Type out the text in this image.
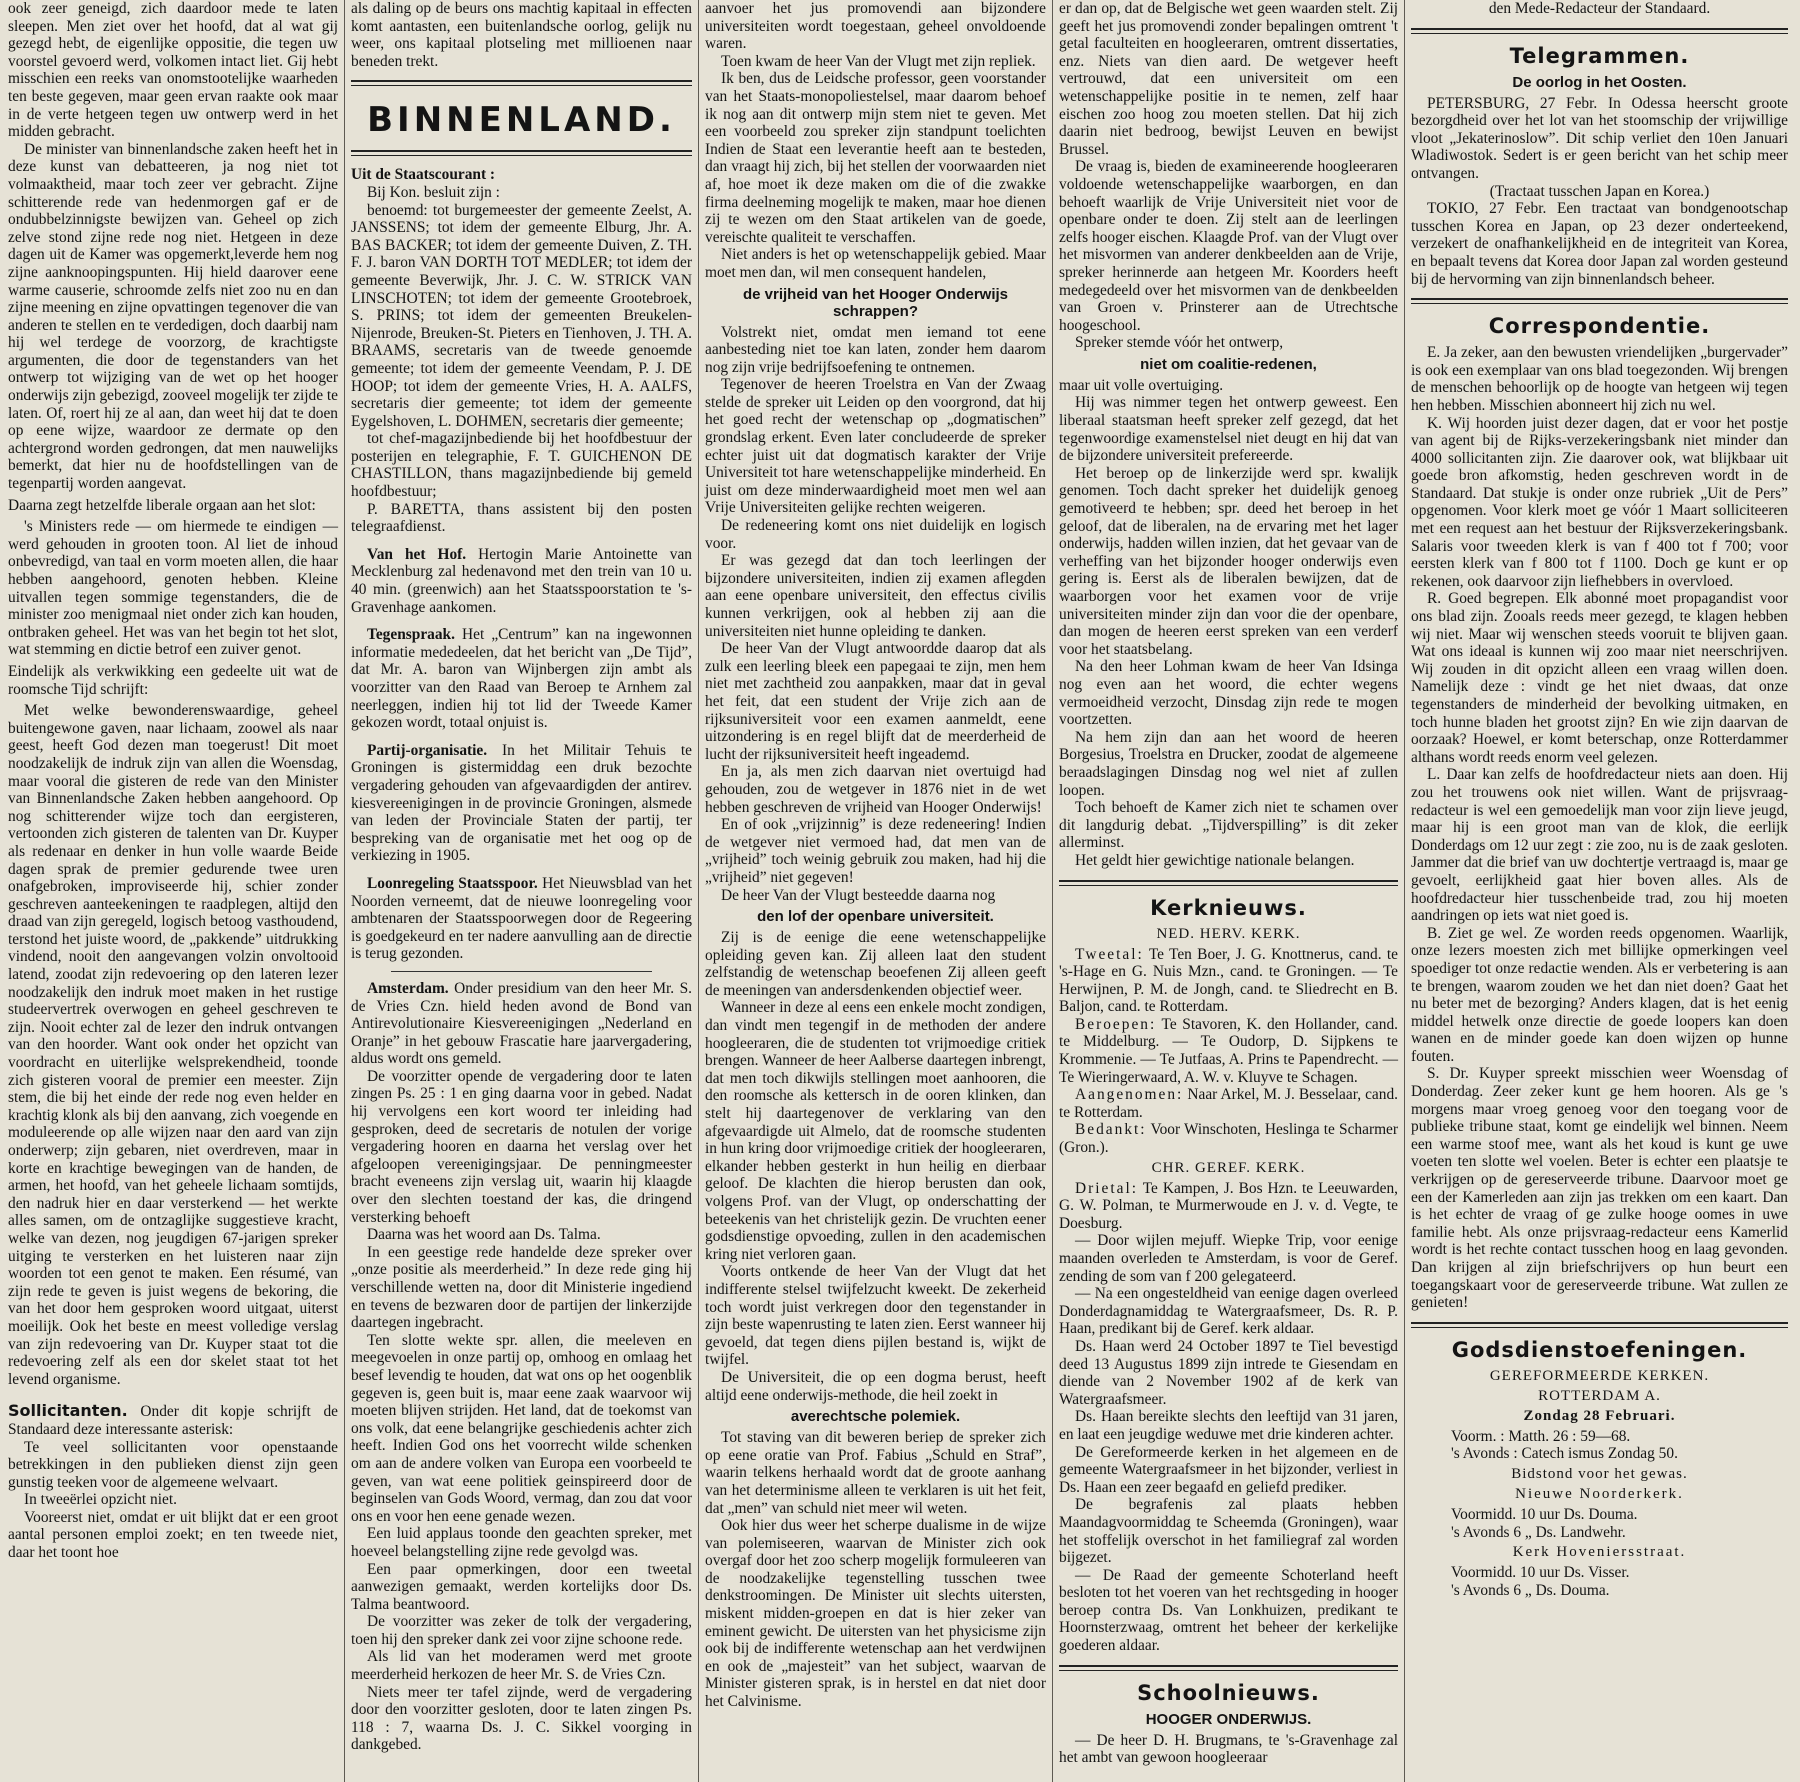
ook zeer geneigd, zich daardoor mede te laten sleepen. Men ziet over het hoofd, dat al wat gij gezegd hebt, de eigenlijke oppositie, die tegen uw voorstel gevoerd werd, volkomen intact liet. Gij hebt misschien een reeks van onomstootelijke waarheden ten beste gegeven, maar geen ervan raakte ook maar in de verte hetgeen tegen uw ontwerp werd in het midden gebracht.

De minister van binnenlandsche zaken heeft het in deze kunst van debatteeren, ja nog niet tot volmaaktheid, maar toch zeer ver gebracht. Zijne schitterende rede van hedenmorgen gaf er de ondubbelzinnigste bewijzen van. Geheel op zich zelve stond zijne rede nog niet. Hetgeen in deze dagen uit de Kamer was opgemerkt,leverde hem nog zijne aanknoopingspunten. Hij hield daarover eene warme causerie, schroomde zelfs niet zoo nu en dan zijne meening en zijne opvattingen tegenover die van anderen te stellen en te verdedigen, doch daarbij nam hij wel terdege de voorzorg, de krachtigste argumenten, die door de tegenstanders van het ontwerp tot wijziging van de wet op het hooger onderwijs zijn gebezigd, zooveel mogelijk ter zijde te laten. Of, roert hij ze al aan, dan weet hij dat te doen op eene wijze, waardoor ze dermate op den achtergrond worden gedrongen, dat men nauwelijks bemerkt, dat hier nu de hoofdstellingen van de tegenpartij worden aangevat.

Daarna zegt hetzelfde liberale orgaan aan het slot:

's Ministers rede — om hiermede te eindigen — werd gehouden in grooten toon. Al liet de inhoud onbevredigd, van taal en vorm moeten allen, die haar hebben aangehoord, genoten hebben. Kleine uitvallen tegen sommige tegenstanders, die de minister zoo menigmaal niet onder zich kan houden, ontbraken geheel. Het was van het begin tot het slot, wat stemming en dictie betrof een zuiver genot.

Eindelijk als verkwikking een gedeelte uit wat de roomsche Tijd schrijft:

Met welke bewonderenswaardige, geheel buitengewone gaven, naar lichaam, zoowel als naar geest, heeft God dezen man toegerust! Dit moet noodzakelijk de indruk zijn van allen die Woensdag, maar vooral die gisteren de rede van den Minister van Binnenlandsche Zaken hebben aangehoord. Op nog schitterender wijze toch dan eergisteren, vertoonden zich gisteren de talenten van Dr. Kuyper als redenaar en denker in hun volle waarde Beide dagen sprak de premier gedurende twee uren onafgebroken, improviseerde hij, schier zonder geschreven aanteekeningen te raadplegen, altijd den draad van zijn geregeld, logisch betoog vasthoudend, terstond het juiste woord, de „pakkende” uitdrukking vindend, nooit den aangevangen volzin onvoltooid latend, zoodat zijn redevoering op den lateren lezer noodzakelijk den indruk moet maken in het rustige studeervertrek overwogen en geheel geschreven te zijn. Nooit echter zal de lezer den indruk ontvangen van den hoorder. Want ook onder het opzicht van voordracht en uiterlijke welsprekendheid, toonde zich gisteren vooral de premier een meester. Zijn stem, die bij het einde der rede nog even helder en krachtig klonk als bij den aanvang, zich voegende en moduleerende op alle wijzen naar den aard van zijn onderwerp; zijn gebaren, niet overdreven, maar in korte en krachtige bewegingen van de handen, de armen, het hoofd, van het geheele lichaam somtijds, den nadruk hier en daar versterkend — het werkte alles samen, om de ontzaglijke suggestieve kracht, welke van dezen, nog jeugdigen 67-jarigen spreker uitging te versterken en het luisteren naar zijn woorden tot een genot te maken. Een résumé, van zijn rede te geven is juist wegens de bekoring, die van het door hem gesproken woord uitgaat, uiterst moeilijk. Ook het beste en meest volledige verslag van zijn redevoering van Dr. Kuyper staat tot die redevoering zelf als een dor skelet staat tot het levend organisme.

Sollicitanten. Onder dit kopje schrijft de Standaard deze interessante asterisk:

Te veel sollicitanten voor openstaande betrekkingen in den publieken dienst zijn geen gunstig teeken voor de algemeene welvaart.

In tweeërlei opzicht niet.

Vooreerst niet, omdat er uit blijkt dat er een groot aantal personen emploi zoekt; en ten tweede niet, daar het toont hoe

als daling op de beurs ons machtig kapitaal in effecten komt aantasten, een buitenlandsche oorlog, gelijk nu weer, ons kapitaal plotseling met millioenen naar beneden trekt.

BINNENLAND.

Uit de Staatscourant :

Bij Kon. besluit zijn :

benoemd: tot burgemeester der gemeente Zeelst, A. JANSSENS; tot idem der gemeente Elburg, Jhr. A. BAS BACKER; tot idem der gemeente Duiven, Z. TH. F. J. baron VAN DORTH TOT MEDLER; tot idem der gemeente Beverwijk, Jhr. J. C. W. STRICK VAN LINSCHOTEN; tot idem der gemeente Grootebroek, S. PRINS; tot idem der gemeenten Breukelen-Nijenrode, Breuken-St. Pieters en Tienhoven, J. TH. A. BRAAMS, secretaris van de tweede genoemde gemeente; tot idem der gemeente Veendam, P. J. DE HOOP; tot idem der gemeente Vries, H. A. AALFS, secretaris dier gemeente; tot idem der gemeente Eygelshoven, L. DOHMEN, secretaris dier gemeente;

tot chef-magazijnbediende bij het hoofdbestuur der posterijen en telegraphie, F. T. GUICHENON DE CHASTILLON, thans magazijnbediende bij gemeld hoofdbestuur;

P. BARETTA, thans assistent bij den posten telegraafdienst.

Van het Hof. Hertogin Marie Antoinette van Mecklenburg zal hedenavond met den trein van 10 u. 40 min. (greenwich) aan het Staatsspoorstation te 's-Gravenhage aankomen.

Tegenspraak. Het „Centrum” kan na ingewonnen informatie mededeelen, dat het bericht van „De Tijd”, dat Mr. A. baron van Wijnbergen zijn ambt als voorzitter van den Raad van Beroep te Arnhem zal neerleggen, indien hij tot lid der Tweede Kamer gekozen wordt, totaal onjuist is.

Partij-organisatie. In het Militair Tehuis te Groningen is gistermiddag een druk bezochte vergadering gehouden van afgevaardigden der antirev. kiesvereenigingen in de provincie Groningen, alsmede van leden der Provinciale Staten der partij, ter bespreking van de organisatie met het oog op de verkiezing in 1905.

Loonregeling Staatsspoor. Het Nieuwsblad van het Noorden verneemt, dat de nieuwe loonregeling voor ambtenaren der Staatsspoorwegen door de Regeering is goedgekeurd en ter nadere aanvulling aan de directie is terug gezonden.

Amsterdam. Onder presidium van den heer Mr. S. de Vries Czn. hield heden avond de Bond van Antirevolutionaire Kiesvereenigingen „Nederland en Oranje” in het gebouw Frascatie hare jaarvergadering, aldus wordt ons gemeld.

De voorzitter opende de vergadering door te laten zingen Ps. 25 : 1 en ging daarna voor in gebed. Nadat hij vervolgens een kort woord ter inleiding had gesproken, deed de secretaris de notulen der vorige vergadering hooren en daarna het verslag over het afgeloopen vereenigingsjaar. De penningmeester bracht eveneens zijn verslag uit, waarin hij klaagde over den slechten toestand der kas, die dringend versterking behoeft

Daarna was het woord aan Ds. Talma.

In een geestige rede handelde deze spreker over „onze positie als meerderheid.” In deze rede ging hij verschillende wetten na, door dit Ministerie ingediend en tevens de bezwaren door de partijen der linkerzijde daartegen ingebracht.

Ten slotte wekte spr. allen, die meeleven en meegevoelen in onze partij op, omhoog en omlaag het besef levendig te houden, dat wat ons op het oogenblik gegeven is, geen buit is, maar eene zaak waarvoor wij moeten blijven strijden. Het land, dat de toekomst van ons volk, dat eene belangrijke geschiedenis achter zich heeft. Indien God ons het voorrecht wilde schenken om aan de andere volken van Europa een voorbeeld te geven, van wat eene politiek geinspireerd door de beginselen van Gods Woord, vermag, dan zou dat voor ons en voor hen eene genade wezen.

Een luid applaus toonde den geachten spreker, met hoeveel belangstelling zijne rede gevolgd was.

Een paar opmerkingen, door een tweetal aanwezigen gemaakt, werden kortelijks door Ds. Talma beantwoord.

De voorzitter was zeker de tolk der vergadering, toen hij den spreker dank zei voor zijne schoone rede.

Als lid van het moderamen werd met groote meerderheid herkozen de heer Mr. S. de Vries Czn.

Niets meer ter tafel zijnde, werd de vergadering door den voorzitter gesloten, door te laten zingen Ps. 118 : 7, waarna Ds. J. C. Sikkel voorging in dankgebed.

aanvoer het jus promovendi aan bijzondere universiteiten wordt toegestaan, geheel onvoldoende waren.

Toen kwam de heer Van der Vlugt met zijn repliek.

Ik ben, dus de Leidsche professor, geen voorstander van het Staats-monopoliestelsel, maar daarom behoef ik nog aan dit ontwerp mijn stem niet te geven. Met een voorbeeld zou spreker zijn standpunt toelichten Indien de Staat een leverantie heeft aan te besteden, dan vraagt hij zich, bij het stellen der voorwaarden niet af, hoe moet ik deze maken om die of die zwakke firma deelneming mogelijk te maken, maar hoe dienen zij te wezen om den Staat artikelen van de goede, vereischte qualiteit te verschaffen.

Niet anders is het op wetenschappelijk gebied. Maar moet men dan, wil men consequent handelen,

de vrijheid van het Hooger Onderwijs schrappen?

Volstrekt niet, omdat men iemand tot eene aanbesteding niet toe kan laten, zonder hem daarom nog zijn vrije bedrijfsoefening te ontnemen.

Tegenover de heeren Troelstra en Van der Zwaag stelde de spreker uit Leiden op den voorgrond, dat hij het goed recht der wetenschap op „dogmatischen” grondslag erkent. Even later concludeerde de spreker echter juist uit dat dogmatisch karakter der Vrije Universiteit tot hare wetenschappelijke minderheid. En juist om deze minderwaardigheid moet men wel aan Vrije Universiteiten gelijke rechten weigeren.

De redeneering komt ons niet duidelijk en logisch voor.

Er was gezegd dat dan toch leerlingen der bijzondere universiteiten, indien zij examen aflegden aan eene openbare universiteit, den effectus civilis kunnen verkrijgen, ook al hebben zij aan die universiteiten niet hunne opleiding te danken.

De heer Van der Vlugt antwoordde daarop dat als zulk een leerling bleek een papegaai te zijn, men hem niet met zachtheid zou aanpakken, maar dat in geval het feit, dat een student der Vrije zich aan de rijksuniversiteit voor een examen aanmeldt, eene uitzondering is en regel blijft dat de meerderheid de lucht der rijksuniversiteit heeft ingeademd.

En ja, als men zich daarvan niet overtuigd had gehouden, zou de wetgever in 1876 niet in de wet hebben geschreven de vrijheid van Hooger Onderwijs!

En of ook „vrijzinnig” is deze redeneering! Indien de wetgever niet vermoed had, dat men van de „vrijheid” toch weinig gebruik zou maken, had hij die „vrijheid” niet gegeven!

De heer Van der Vlugt besteedde daarna nog

den lof der openbare universiteit.

Zij is de eenige die eene wetenschappelijke opleiding geven kan. Zij alleen laat den student zelfstandig de wetenschap beoefenen Zij alleen geeft de meeningen van andersdenkenden objectief weer.

Wanneer in deze al eens een enkele mocht zondigen, dan vindt men tegengif in de methoden der andere hoogleeraren, die de studenten tot vrijmoedige critiek brengen. Wanneer de heer Aalberse daartegen inbrengt, dat men toch dikwijls stellingen moet aanhooren, die den roomsche als kettersch in de ooren klinken, dan stelt hij daartegenover de verklaring van den afgevaardigde uit Almelo, dat de roomsche studenten in hun kring door vrijmoedige critiek der hoogleeraren, elkander hebben gesterkt in hun heilig en dierbaar geloof. De klachten die hierop berusten dan ook, volgens Prof. van der Vlugt, op onderschatting der beteekenis van het christelijk gezin. De vruchten eener godsdienstige opvoeding, zullen in den academischen kring niet verloren gaan.

Voorts ontkende de heer Van der Vlugt dat het indifferente stelsel twijfelzucht kweekt. De zekerheid toch wordt juist verkregen door den tegenstander in zijn beste wapenrusting te laten zien. Eerst wanneer hij gevoeld, dat tegen diens pijlen bestand is, wijkt de twijfel.

De Universiteit, die op een dogma berust, heeft altijd eene onderwijs-methode, die heil zoekt in

averechtsche polemiek.

Tot staving van dit beweren beriep de spreker zich op eene oratie van Prof. Fabius „Schuld en Straf”, waarin telkens herhaald wordt dat de groote aanhang van het determinisme alleen te verklaren is uit het feit, dat „men” van schuld niet meer wil weten.

Ook hier dus weer het scherpe dualisme in de wijze van polemiseeren, waarvan de Minister zich ook overgaf door het zoo scherp mogelijk formuleeren van de noodzakelijke tegenstelling tusschen twee denkstroomingen. De Minister uit slechts uitersten, miskent midden-groepen en dat is hier zeker van eminent gewicht. De uitersten van het physicisme zijn ook bij de indifferente wetenschap aan het verdwijnen en ook de „majesteit” van het subject, waarvan de Minister gisteren sprak, is in herstel en dat niet door het Calvinisme.

er dan op, dat de Belgische wet geen waarden stelt. Zij geeft het jus promovendi zonder bepalingen omtrent 't getal faculteiten en hoogleeraren, omtrent dissertaties, enz. Niets van dien aard. De wetgever heeft vertrouwd, dat een universiteit om een wetenschappelijke positie in te nemen, zelf haar eischen zoo hoog zou moeten stellen. Dat hij zich daarin niet bedroog, bewijst Leuven en bewijst Brussel.

De vraag is, bieden de examineerende hoogleeraren voldoende wetenschappelijke waarborgen, en dan behoeft waarlijk de Vrije Universiteit niet voor de openbare onder te doen. Zij stelt aan de leerlingen zelfs hooger eischen. Klaagde Prof. van der Vlugt over het misvormen van anderer denkbeelden aan de Vrije, spreker herinnerde aan hetgeen Mr. Koorders heeft medegedeeld over het misvormen van de denkbeelden van Groen v. Prinsterer aan de Utrechtsche hoogeschool.

Spreker stemde vóór het ontwerp,

niet om coalitie-redenen,

maar uit volle overtuiging.

Hij was nimmer tegen het ontwerp geweest. Een liberaal staatsman heeft spreker zelf gezegd, dat het tegenwoordige examenstelsel niet deugt en hij dat van de bijzondere universiteit prefereerde.

Het beroep op de linkerzijde werd spr. kwalijk genomen. Toch dacht spreker het duidelijk genoeg gemotiveerd te hebben; spr. deed het beroep in het geloof, dat de liberalen, na de ervaring met het lager onderwijs, hadden willen inzien, dat het gevaar van de verheffing van het bijzonder hooger onderwijs even gering is. Eerst als de liberalen bewijzen, dat de waarborgen voor het examen voor de vrije universiteiten minder zijn dan voor die der openbare, dan mogen de heeren eerst spreken van een verderf voor het staatsbelang.

Na den heer Lohman kwam de heer Van Idsinga nog even aan het woord, die echter wegens vermoeidheid verzocht, Dinsdag zijn rede te mogen voortzetten.

Na hem zijn dan aan het woord de heeren Borgesius, Troelstra en Drucker, zoodat de algemeene beraadslagingen Dinsdag nog wel niet af zullen loopen.

Toch behoeft de Kamer zich niet te schamen over dit langdurig debat. „Tijdverspilling” is dit zeker allerminst.

Het geldt hier gewichtige nationale belangen.

Kerknieuws.
NED. HERV. KERK.

Tweetal: Te Ten Boer, J. G. Knottnerus, cand. te 's-Hage en G. Nuis Mzn., cand. te Groningen. — Te Herwijnen, P. M. de Jongh, cand. te Sliedrecht en B. Baljon, cand. te Rotterdam.

Beroepen: Te Stavoren, K. den Hollander, cand. te Middelburg. — Te Oudorp, D. Sijpkens te Krommenie. — Te Jutfaas, A. Prins te Papendrecht. — Te Wieringerwaard, A. W. v. Kluyve te Schagen.

Aangenomen: Naar Arkel, M. J. Besselaar, cand. te Rotterdam.

Bedankt: Voor Winschoten, Heslinga te Scharmer (Gron.).

CHR. GEREF. KERK.

Drietal: Te Kampen, J. Bos Hzn. te Leeuwarden, G. W. Polman, te Murmerwoude en J. v. d. Vegte, te Doesburg.

— Door wijlen mejuff. Wiepke Trip, voor eenige maanden overleden te Amsterdam, is voor de Geref. zending de som van f 200 gelegateerd.

— Na een ongesteldheid van eenige dagen overleed Donderdagnamiddag te Watergraafsmeer, Ds. R. P. Haan, predikant bij de Geref. kerk aldaar.

Ds. Haan werd 24 October 1897 te Tiel bevestigd deed 13 Augustus 1899 zijn intrede te Giesendam en diende van 2 November 1902 af de kerk van Watergraafsmeer.

Ds. Haan bereikte slechts den leeftijd van 31 jaren, en laat een jeugdige weduwe met drie kinderen achter.

De Gereformeerde kerken in het algemeen en de gemeente Watergraafsmeer in het bijzonder, verliest in Ds. Haan een zeer begaafd en geliefd prediker.

De begrafenis zal plaats hebben Maandagvoormiddag te Scheemda (Groningen), waar het stoffelijk overschot in het familiegraf zal worden bijgezet.

— De Raad der gemeente Schoterland heeft besloten tot het voeren van het rechtsgeding in hooger beroep contra Ds. Van Lonkhuizen, predikant te Hoornsterzwaag, omtrent het beheer der kerkelijke goederen aldaar.

Schoolnieuws.
HOOGER ONDERWIJS.

— De heer D. H. Brugmans, te 's-Gravenhage zal het ambt van gewoon hoogleeraar

den Mede-Redacteur der Standaard.

Telegrammen.
De oorlog in het Oosten.

PETERSBURG, 27 Febr. In Odessa heerscht groote bezorgdheid over het lot van het stoomschip der vrijwillige vloot „Jekaterinoslow”. Dit schip verliet den 10en Januari Wladiwostok. Sedert is er geen bericht van het schip meer ontvangen.

(Tractaat tusschen Japan en Korea.)

TOKIO, 27 Febr. Een tractaat van bondgenootschap tusschen Korea en Japan, op 23 dezer onderteekend, verzekert de onafhankelijkheid en de integriteit van Korea, en bepaalt tevens dat Korea door Japan zal worden gesteund bij de hervorming van zijn binnenlandsch beheer.

Correspondentie.

E. Ja zeker, aan den bewusten vriendelijken „burgervader” is ook een exemplaar van ons blad toegezonden. Wij brengen de menschen behoorlijk op de hoogte van hetgeen wij tegen hen hebben. Misschien abonneert hij zich nu wel.

K. Wij hoorden juist dezer dagen, dat er voor het postje van agent bij de Rijks-verzekeringsbank niet minder dan 4000 sollicitanten zijn. Zie daarover ook, wat blijkbaar uit goede bron afkomstig, heden geschreven wordt in de Standaard. Dat stukje is onder onze rubriek „Uit de Pers” opgenomen. Voor klerk moet ge vóór 1 Maart solliciteeren met een request aan het bestuur der Rijksverzekeringsbank. Salaris voor tweeden klerk is van f 400 tot f 700; voor eersten klerk van f 800 tot f 1100. Doch ge kunt er op rekenen, ook daarvoor zijn liefhebbers in overvloed.

R. Goed begrepen. Elk abonné moet propagandist voor ons blad zijn. Zooals reeds meer gezegd, te klagen hebben wij niet. Maar wij wenschen steeds vooruit te blijven gaan. Wat ons ideaal is kunnen wij zoo maar niet neerschrijven. Wij zouden in dit opzicht alleen een vraag willen doen. Namelijk deze : vindt ge het niet dwaas, dat onze tegenstanders de minderheid der bevolking uitmaken, en toch hunne bladen het grootst zijn? En wie zijn daarvan de oorzaak? Hoewel, er komt beterschap, onze Rotterdammer althans wordt reeds enorm veel gelezen.

L. Daar kan zelfs de hoofdredacteur niets aan doen. Hij zou het trouwens ook niet willen. Want de prijsvraag-redacteur is wel een gemoedelijk man voor zijn lieve jeugd, maar hij is een groot man van de klok, die eerlijk Donderdags om 12 uur zegt : zie zoo, nu is de zaak gesloten. Jammer dat die brief van uw dochtertje vertraagd is, maar ge gevoelt, eerlijkheid gaat hier boven alles. Als de hoofdredacteur hier tusschenbeide trad, zou hij moeten aandringen op iets wat niet goed is.

B. Ziet ge wel. Ze worden reeds opgenomen. Waarlijk, onze lezers moesten zich met billijke opmerkingen veel spoediger tot onze redactie wenden. Als er verbetering is aan te brengen, waarom zouden we het dan niet doen? Gaat het nu beter met de bezorging? Anders klagen, dat is het eenig middel hetwelk onze directie de goede loopers kan doen wanen en de minder goede kan doen wijzen op hunne fouten.

S. Dr. Kuyper spreekt misschien weer Woensdag of Donderdag. Zeer zeker kunt ge hem hooren. Als ge 's morgens maar vroeg genoeg voor den toegang voor de publieke tribune staat, komt ge eindelijk wel binnen. Neem een warme stoof mee, want als het koud is kunt ge uwe voeten ten slotte wel voelen. Beter is echter een plaatsje te verkrijgen op de gereserveerde tribune. Daarvoor moet ge een der Kamerleden aan zijn jas trekken om een kaart. Dan is het echter de vraag of ge zulke hooge oomes in uwe familie hebt. Als onze prijsvraag-redacteur eens Kamerlid wordt is het rechte contact tusschen hoog en laag gevonden. Dan krijgen al zijn briefschrijvers op hun beurt een toegangskaart voor de gereserveerde tribune. Wat zullen ze genieten!

Godsdienstoefeningen.
GEREFORMEERDE KERKEN.
ROTTERDAM A.
Zondag 28 Februari.

Voorm. : Matth. 26 : 59—68.

's Avonds : Catech ismus Zondag 50.

Bidstond voor het gewas.
Nieuwe Noorderkerk.

Voormidd. 10 uur Ds. Douma.

's Avonds 6 „ Ds. Landwehr.

Kerk Hoveniersstraat.

Voormidd. 10 uur Ds. Visser.

's Avonds 6 „ Ds. Douma.
